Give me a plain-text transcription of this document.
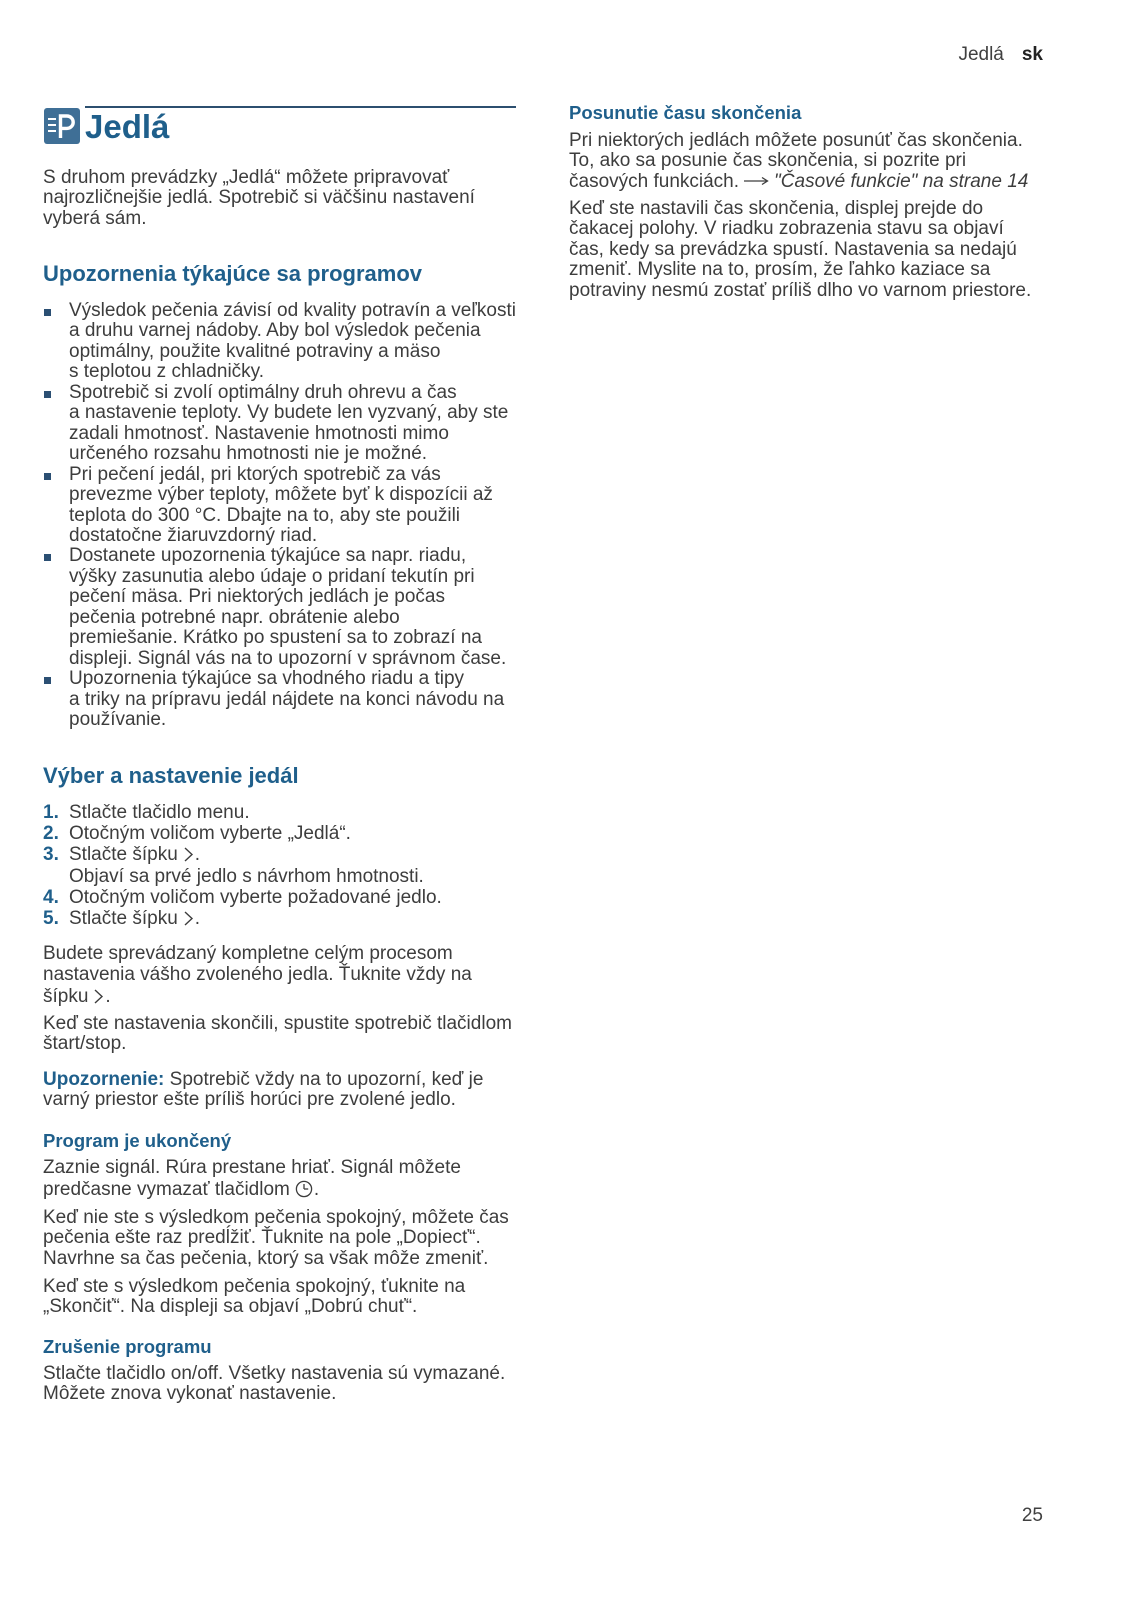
Jedlá sk
Jedlá

S druhom prevádzky „Jedlá“ môžete pripravovať
najrozličnejšie jedlá. Spotrebič si väčšinu nastavení
vyberá sám.

Upozornenia týkajúce sa programov
Výsledok pečenia závisí od kvality potravín a veľkosti
a druhu varnej nádoby. Aby bol výsledok pečenia
optimálny, použite kvalitné potraviny a mäso
s teplotou z chladničky.
Spotrebič si zvolí optimálny druh ohrevu a čas
a nastavenie teploty. Vy budete len vyzvaný, aby ste
zadali hmotnosť. Nastavenie hmotnosti mimo
určeného rozsahu hmotnosti nie je možné.
Pri pečení jedál, pri ktorých spotrebič za vás
prevezme výber teploty, môžete byť k dispozícii až
teplota do 300 °C. Dbajte na to, aby ste použili
dostatočne žiaruvzdorný riad.
Dostanete upozornenia týkajúce sa napr. riadu,
výšky zasunutia alebo údaje o pridaní tekutín pri
pečení mäsa. Pri niektorých jedlách je počas
pečenia potrebné napr. obrátenie alebo
premiešanie. Krátko po spustení sa to zobrazí na
displeji. Signál vás na to upozorní v správnom čase.
Upozornenia týkajúce sa vhodného riadu a tipy
a triky na prípravu jedál nájdete na konci návodu na
používanie.
Výber a nastavenie jedál
1. Stlačte tlačidlo menu.
2. Otočným voličom vyberte „Jedlá“.
3. Stlačte šípku .
Objaví sa prvé jedlo s návrhom hmotnosti.
4. Otočným voličom vyberte požadované jedlo.
5. Stlačte šípku .

Budete sprevádzaný kompletne celým procesom
nastavenia vášho zvoleného jedla. Ťuknite vždy na
šípku .

Keď ste nastavenia skončili, spustite spotrebič tlačidlom
štart/stop.

Upozornenie: Spotrebič vždy na to upozorní, keď je
varný priestor ešte príliš horúci pre zvolené jedlo.

Program je ukončený

Zaznie signál. Rúra prestane hriať. Signál môžete
predčasne vymazať tlačidlom .

Keď nie ste s výsledkom pečenia spokojný, môžete čas
pečenia ešte raz predĺžiť. Ťuknite na pole „Dopiecť“.
Navrhne sa čas pečenia, ktorý sa však môže zmeniť.

Keď ste s výsledkom pečenia spokojný, ťuknite na
„Skončiť“. Na displeji sa objaví „Dobrú chuť“.

Zrušenie programu

Stlačte tlačidlo on/off. Všetky nastavenia sú vymazané.
Môžete znova vykonať nastavenie.

Posunutie času skončenia

Pri niektorých jedlách môžete posunúť čas skončenia.
To, ako sa posunie čas skončenia, si pozrite pri
časových funkciách. "Časové funkcie" na strane 14

Keď ste nastavili čas skončenia, displej prejde do
čakacej polohy. V riadku zobrazenia stavu sa objaví
čas, kedy sa prevádzka spustí. Nastavenia sa nedajú
zmeniť. Myslite na to, prosím, že ľahko kaziace sa
potraviny nesmú zostať príliš dlho vo varnom priestore.

25
